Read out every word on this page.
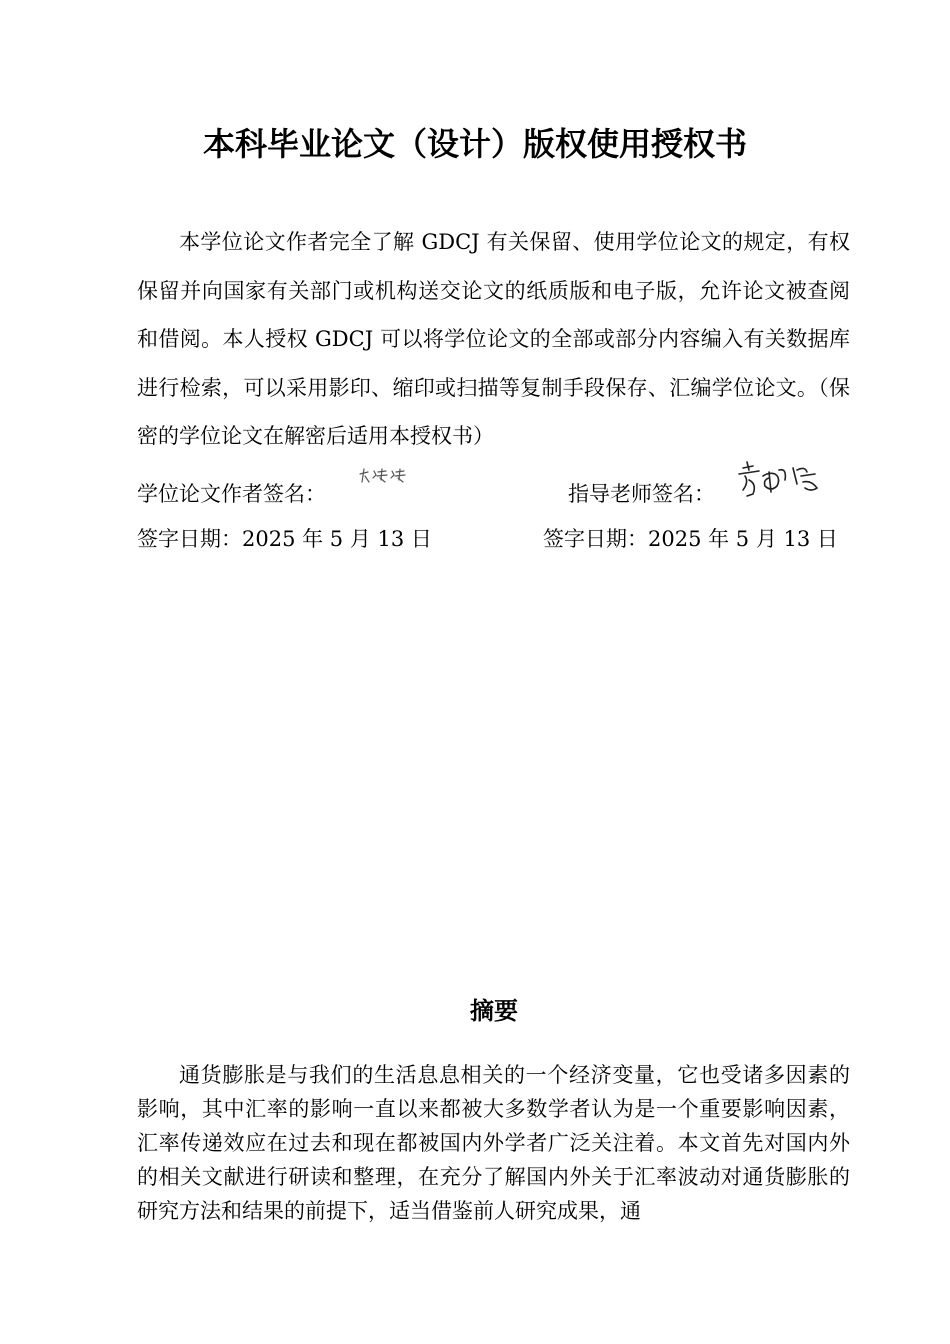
本科毕业论文（设计）版权使用授权书

本学位论文作者完全了解 GDCJ 有关保留、使用学位论文的规定，有权保留并向国家有关部门或机构送交论文的纸质版和电子版，允许论文被查阅和借阅。本人授权 GDCJ 可以将学位论文的全部或部分内容编入有关数据库进行检索，可以采用影印、缩印或扫描等复制手段保存、汇编学位论文。（保密的学位论文在解密后适用本授权书）

学位论文作者签名：	指导老师签名：
签字日期：2025 年 5 月 13 日	签字日期：2025 年 5 月 13 日
摘要

通货膨胀是与我们的生活息息相关的一个经济变量，它也受诸多因素的影响，其中汇率的影响一直以来都被大多数学者认为是一个重要影响因素，汇率传递效应在过去和现在都被国内外学者广泛关注着。本文首先对国内外的相关文献进行研读和整理，在充分了解国内外关于汇率波动对通货膨胀的研究方法和结果的前提下，适当借鉴前人研究成果，通
